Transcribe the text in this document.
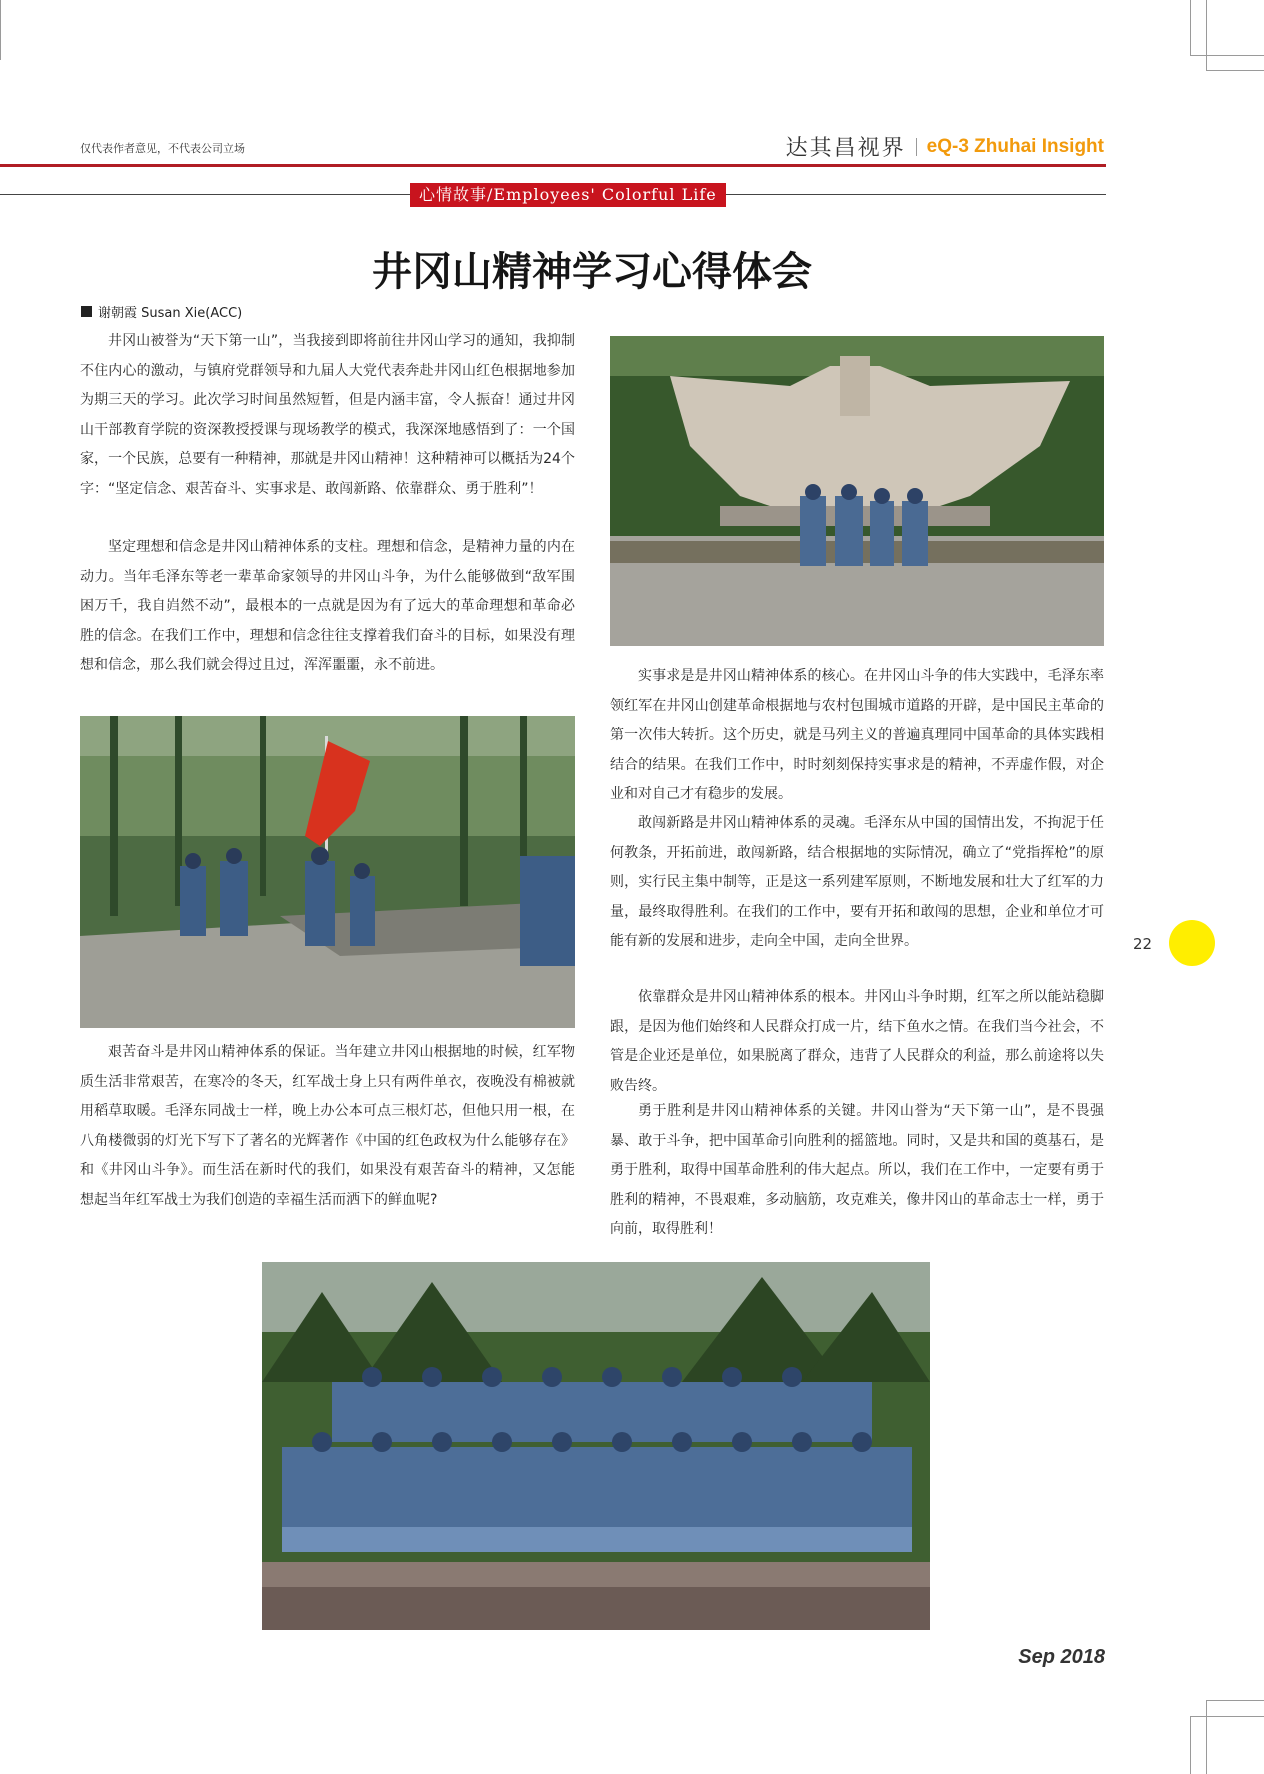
仅代表作者意见，不代表公司立场	达其昌视界 eQ-3 Zhuhai Insight
心情故事/Employees' Colorful Life
井冈山精神学习心得体会
谢朝霞 Susan Xie(ACC)

井冈山被誉为“天下第一山”，当我接到即将前往井冈山学习的通知，我抑制不住内心的激动，与镇府党群领导和九届人大党代表奔赴井冈山红色根据地参加为期三天的学习。此次学习时间虽然短暂，但是内涵丰富，令人振奋！通过井冈山干部教育学院的资深教授授课与现场教学的模式，我深深地感悟到了：一个国家，一个民族，总要有一种精神，那就是井冈山精神！这种精神可以概括为24个字：“坚定信念、艰苦奋斗、实事求是、敢闯新路、依靠群众、勇于胜利”！

坚定理想和信念是井冈山精神体系的支柱。理想和信念，是精神力量的内在动力。当年毛泽东等老一辈革命家领导的井冈山斗争，为什么能够做到“敌军围困万千，我自岿然不动”，最根本的一点就是因为有了远大的革命理想和革命必胜的信念。在我们工作中，理想和信念往往支撑着我们奋斗的目标，如果没有理想和信念，那么我们就会得过且过，浑浑噩噩，永不前进。

艰苦奋斗是井冈山精神体系的保证。当年建立井冈山根据地的时候，红军物质生活非常艰苦，在寒冷的冬天，红军战士身上只有两件单衣，夜晚没有棉被就用稻草取暖。毛泽东同战士一样，晚上办公本可点三根灯芯，但他只用一根，在八角楼微弱的灯光下写下了著名的光辉著作《中国的红色政权为什么能够存在》和《井冈山斗争》。而生活在新时代的我们，如果没有艰苦奋斗的精神，又怎能想起当年红军战士为我们创造的幸福生活而洒下的鲜血呢?

实事求是是井冈山精神体系的核心。在井冈山斗争的伟大实践中，毛泽东率领红军在井冈山创建革命根据地与农村包围城市道路的开辟，是中国民主革命的第一次伟大转折。这个历史，就是马列主义的普遍真理同中国革命的具体实践相结合的结果。在我们工作中，时时刻刻保持实事求是的精神，不弄虚作假，对企业和对自己才有稳步的发展。

敢闯新路是井冈山精神体系的灵魂。毛泽东从中国的国情出发，不拘泥于任何教条，开拓前进，敢闯新路，结合根据地的实际情况，确立了“党指挥枪”的原则，实行民主集中制等，正是这一系列建军原则，不断地发展和壮大了红军的力量，最终取得胜利。在我们的工作中，要有开拓和敢闯的思想，企业和单位才可能有新的发展和进步，走向全中国，走向全世界。

依靠群众是井冈山精神体系的根本。井冈山斗争时期，红军之所以能站稳脚跟，是因为他们始终和人民群众打成一片，结下鱼水之情。在我们当今社会，不管是企业还是单位，如果脱离了群众，违背了人民群众的利益，那么前途将以失败告终。

勇于胜利是井冈山精神体系的关键。井冈山誉为“天下第一山”，是不畏强暴、敢于斗争，把中国革命引向胜利的摇篮地。同时，又是共和国的奠基石，是勇于胜利，取得中国革命胜利的伟大起点。所以，我们在工作中，一定要有勇于胜利的精神，不畏艰难，多动脑筋，攻克难关，像井冈山的革命志士一样，勇于向前，取得胜利！

22
Sep 2018
